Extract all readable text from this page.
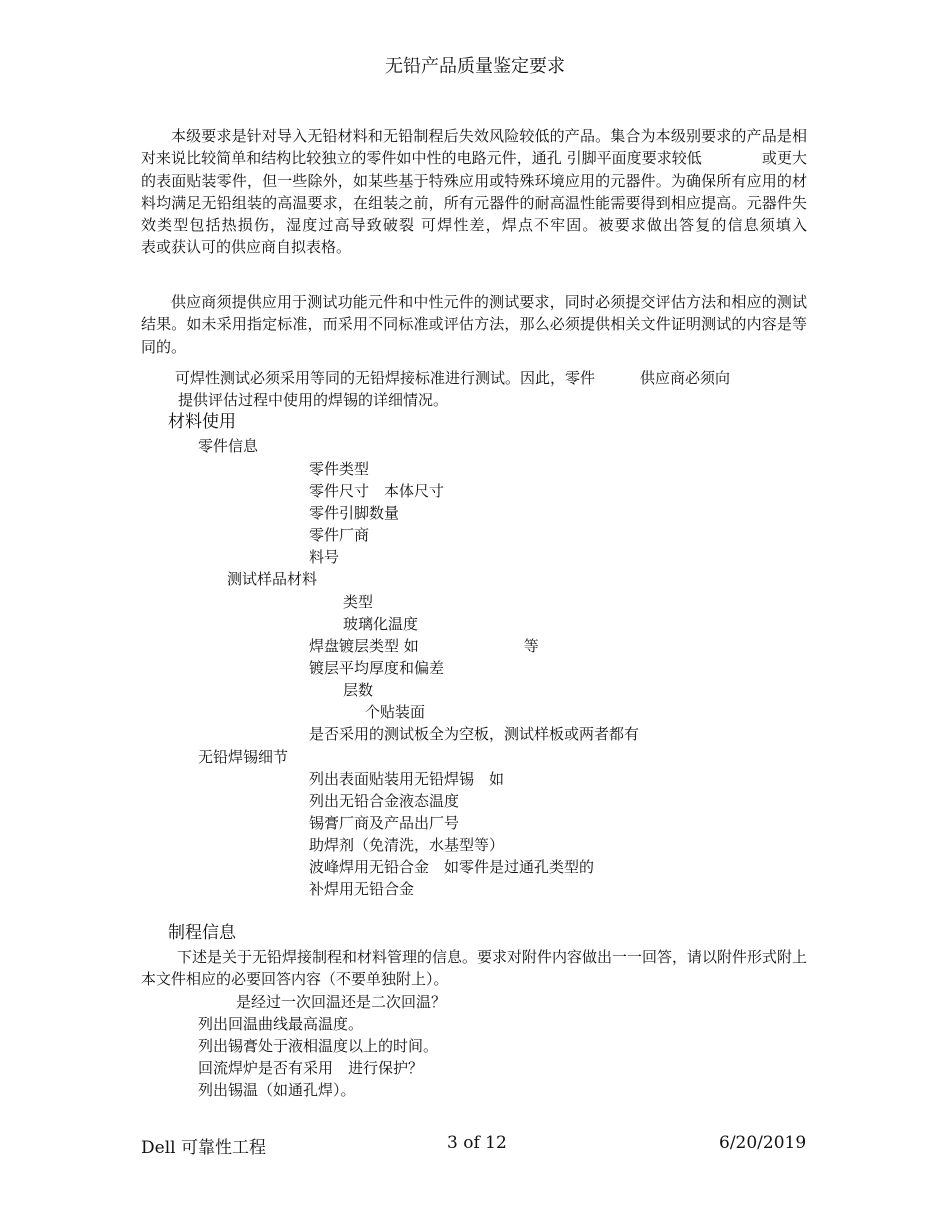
无铅产品质量鉴定要求

本级要求是针对导入无铅材料和无铅制程后失效风险较低的产品。集合为本级别要求的产品是相对来说比较简单和结构比较独立的零件如中性的电路元件，通孔 引脚平面度要求较低　　　　或更大 的表面贴装零件，但一些除外，如某些基于特殊应用或特殊环境应用的元器件。为确保所有应用的材料均满足无铅组装的高温要求，在组装之前，所有元器件的耐高温性能需要得到相应提高。元器件失效类型包括热损伤，湿度过高导致破裂 可焊性差，焊点不牢固。被要求做出答复的信息须填入　　　表或获认可的供应商自拟表格。

供应商须提供应用于测试功能元件和中性元件的测试要求，同时必须提交评估方法和相应的测试结果。如未采用指定标准，而采用不同标准或评估方法，那么必须提供相关文件证明测试的内容是等同的。

可焊性测试必须采用等同的无铅焊接标准进行测试。因此，零件　　　供应商必须向

提供评估过程中使用的焊锡的详细情况。

材料使用

零件信息

零件类型

零件尺寸　本体尺寸

零件引脚数量

零件厂商

料号

测试样品材料

类型

玻璃化温度

焊盘镀层类型 如　　　　　　　等

镀层平均厚度和偏差

层数

个贴装面

是否采用的测试板全为空板，测试样板或两者都有

无铅焊锡细节

列出表面贴装用无铅焊锡　如

列出无铅合金液态温度

锡膏厂商及产品出厂号

助焊剂（免清洗，水基型等）

波峰焊用无铅合金　如零件是过通孔类型的

补焊用无铅合金

制程信息

下述是关于无铅焊接制程和材料管理的信息。要求对附件内容做出一一回答，请以附件形式附上本文件相应的必要回答内容（不要单独附上）。

是经过一次回温还是二次回温？

列出回温曲线最高温度。

列出锡膏处于液相温度以上的时间。

回流焊炉是否有采用　进行保护？

列出锡温（如通孔焊）。

Dell 可靠性工程	3 of 12	6/20/2019
